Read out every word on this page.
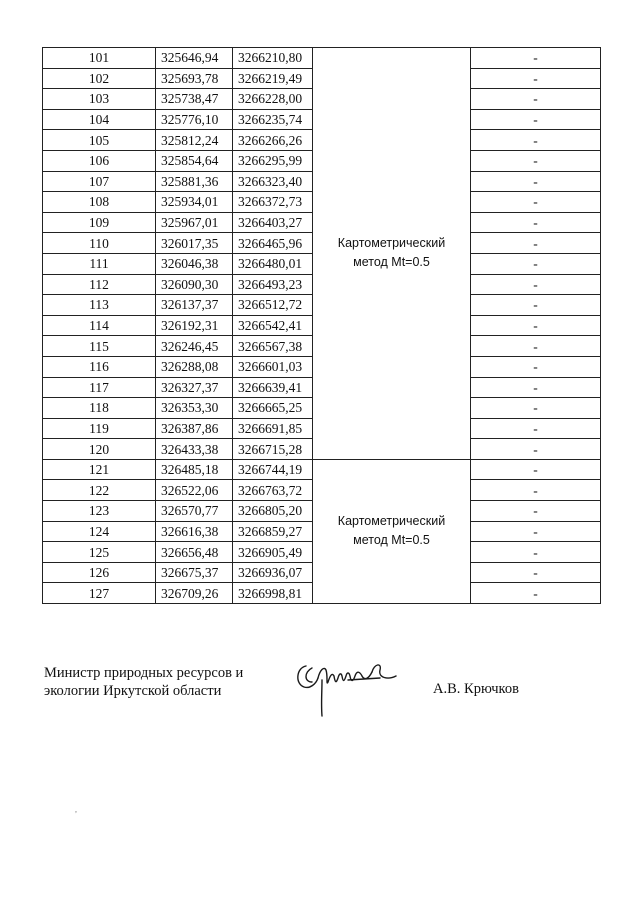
101	325646,94	3266210,80	Картометрический
метод Mt=0.5	-
102	325693,78	3266219,49		-
103	325738,47	3266228,00		-
104	325776,10	3266235,74		-
105	325812,24	3266266,26		-
106	325854,64	3266295,99		-
107	325881,36	3266323,40		-
108	325934,01	3266372,73		-
109	325967,01	3266403,27		-
110	326017,35	3266465,96		-
111	326046,38	3266480,01		-
112	326090,30	3266493,23		-
113	326137,37	3266512,72		-
114	326192,31	3266542,41		-
115	326246,45	3266567,38		-
116	326288,08	3266601,03		-
117	326327,37	3266639,41		-
118	326353,30	3266665,25		-
119	326387,86	3266691,85		-
120	326433,38	3266715,28		-
121	326485,18	3266744,19	Картометрический
метод Mt=0.5	-
122	326522,06	3266763,72		-
123	326570,77	3266805,20		-
124	326616,38	3266859,27		-
125	326656,48	3266905,49		-
126	326675,37	3266936,07		-
127	326709,26	3266998,81		-
Министр природных ресурсов и
экологии Иркутской области	А.В. Крючков
,
